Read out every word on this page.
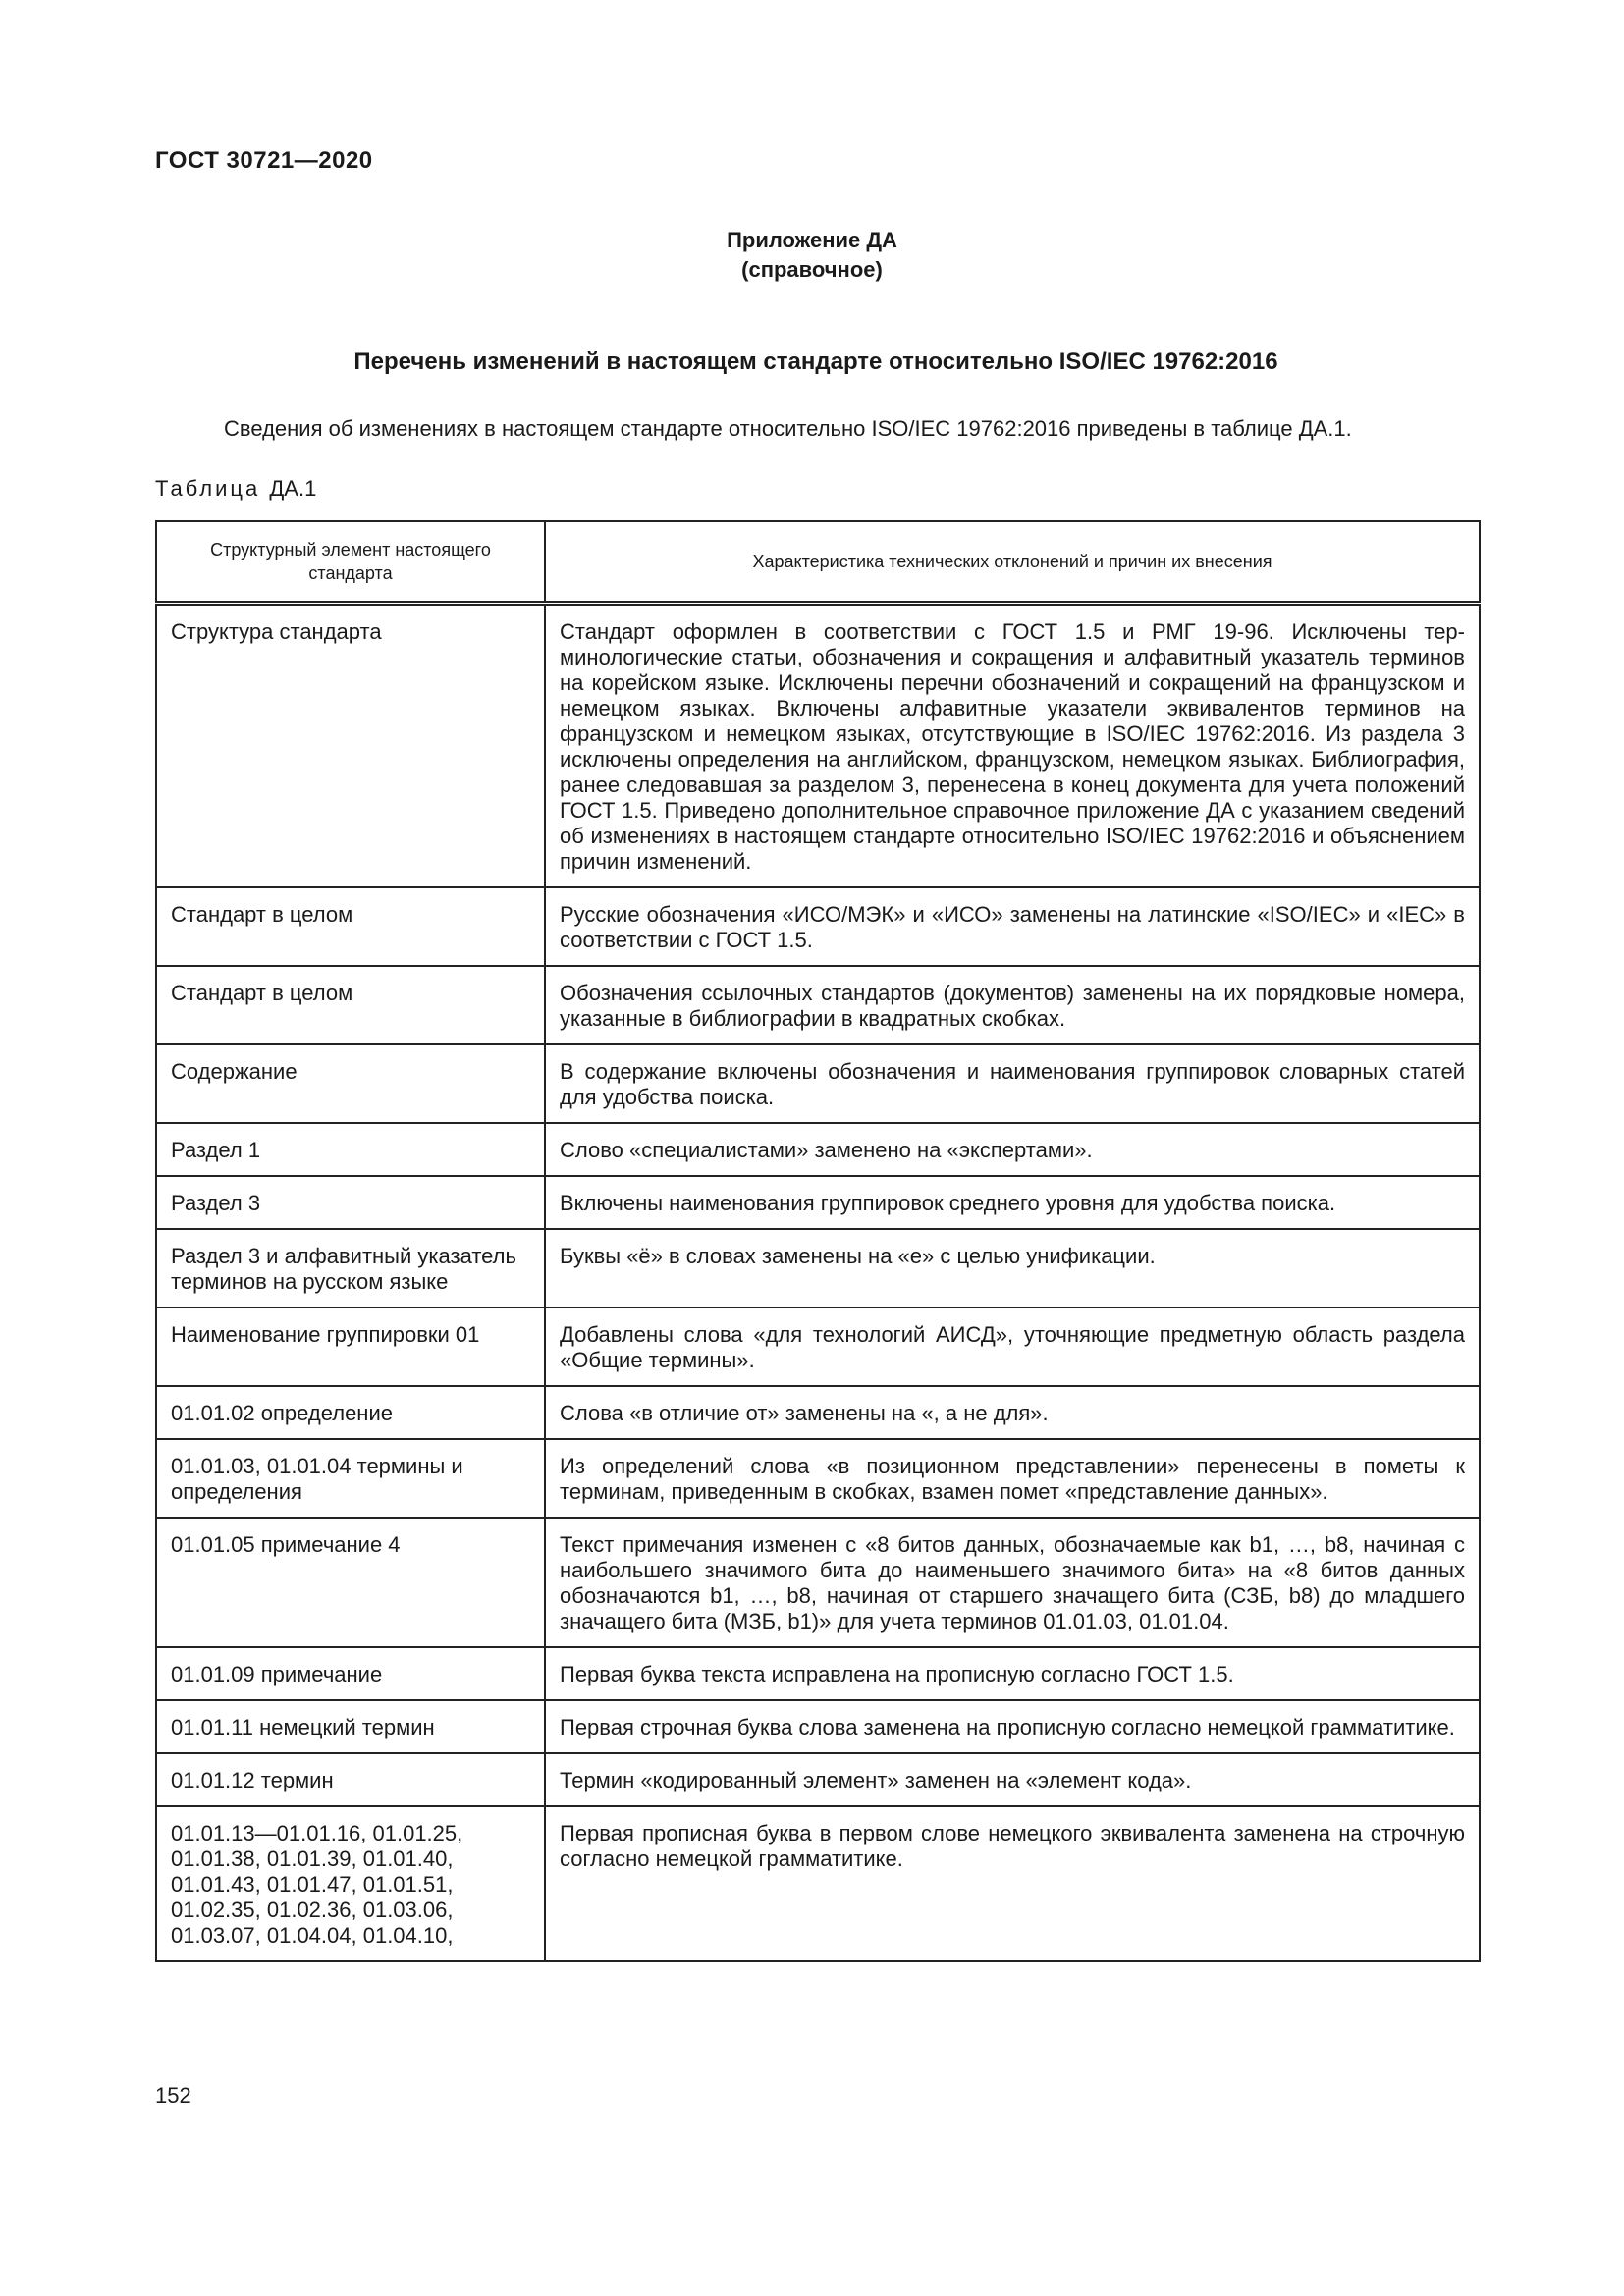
ГОСТ 30721—2020
Приложение ДА
(справочное)
Перечень изменений в настоящем стандарте относительно ISO/IEC 19762:2016
Сведения об изменениях в настоящем стандарте относительно ISO/IEC 19762:2016 приведены в таблице ДА.1.
Таблица ДА.1
Структурный элемент настоящего стандарта	Характеристика технических отклонений и причин их внесения
Структура стандарта	Стандарт оформлен в соответствии с ГОСТ 1.5 и РМГ 19-96. Исключены терминологические статьи, обозначения и сокращения и алфавитный указатель терминов на корейском языке. Исключены перечни обозначений и сокращений на французском и немецком языках. Включены алфавитные указатели эквивалентов терминов на французском и немецком языках, отсутствующие в ISO/IEC 19762:2016. Из раздела 3 исключены определения на английском, французском, немецком языках. Библиография, ранее следовавшая за разделом 3, перенесена в конец документа для учета положений ГОСТ 1.5. Приведено дополнительное справочное приложение ДА с указанием сведений об изменениях в настоящем стандарте относительно ISO/IEC 19762:2016 и объяснением причин изменений.
Стандарт в целом	Русские обозначения «ИСО/МЭК» и «ИСО» заменены на латинские «ISO/IEC» и «IEC» в соответствии с ГОСТ 1.5.
Стандарт в целом	Обозначения ссылочных стандартов (документов) заменены на их порядковые номера, указанные в библиографии в квадратных скобках.
Содержание	В содержание включены обозначения и наименования группировок словарных статей для удобства поиска.
Раздел 1	Слово «специалистами» заменено на «экспертами».
Раздел 3	Включены наименования группировок среднего уровня для удобства поиска.
Раздел 3 и алфавитный указатель терминов на русском языке	Буквы «ё» в словах заменены на «е» с целью унификации.
Наименование группировки 01	Добавлены слова «для технологий АИСД», уточняющие предметную область раздела «Общие термины».
01.01.02 определение	Слова «в отличие от» заменены на «, а не для».
01.01.03, 01.01.04 термины и определения	Из определений слова «в позиционном представлении» перенесены в пометы к терминам, приведенным в скобках, взамен помет «представление данных».
01.01.05 примечание 4	Текст примечания изменен с «8 битов данных, обозначаемые как b1, …, b8, начиная с наибольшего значимого бита до наименьшего значимого бита» на «8 битов данных обозначаются b1, …, b8, начиная от старшего значащего бита (СЗБ, b8) до младшего значащего бита (МЗБ, b1)» для учета терминов 01.01.03, 01.01.04.
01.01.09 примечание	Первая буква текста исправлена на прописную согласно ГОСТ 1.5.
01.01.11 немецкий термин	Первая строчная буква слова заменена на прописную согласно немецкой грамматитике.
01.01.12 термин	Термин «кодированный элемент» заменен на «элемент кода».
01.01.13—01.01.16, 01.01.25, 01.01.38, 01.01.39, 01.01.40, 01.01.43, 01.01.47, 01.01.51, 01.02.35, 01.02.36, 01.03.06, 01.03.07, 01.04.04, 01.04.10,	Первая прописная буква в первом слове немецкого эквивалента заменена на строчную согласно немецкой грамматитике.
152
